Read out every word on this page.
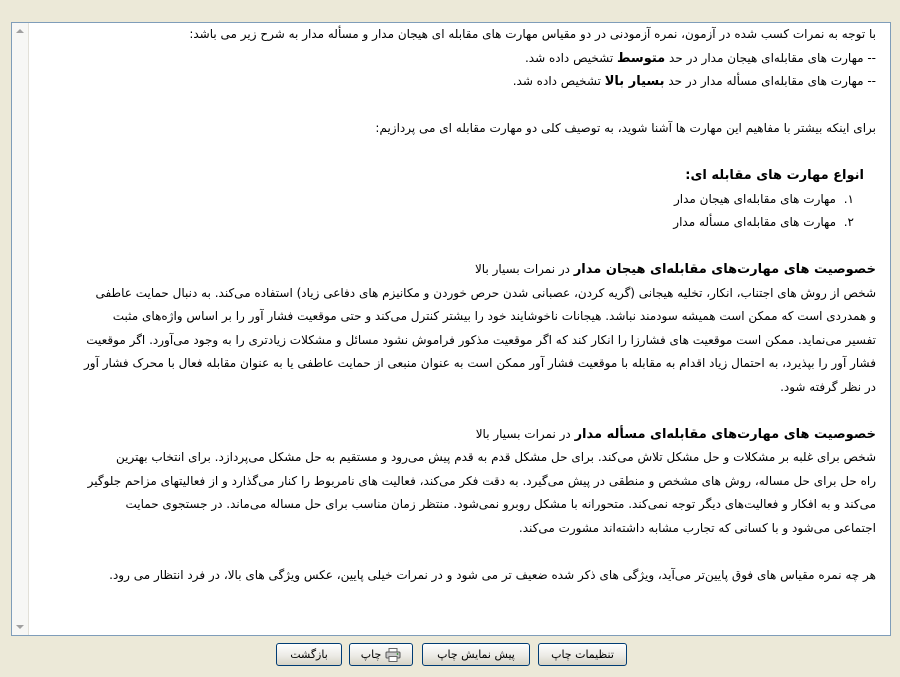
با توجه به نمرات کسب شده در آزمون، نمره آزمودنی در دو مقیاس مهارت های مقابله ای هیجان مدار و مسأله مدار به شرح زیر می باشد:
-- مهارت های مقابله‌ای هیجان مدار در حد متوسط تشخیص داده شد.
-- مهارت های مقابله‌ای مسأله مدار در حد بسیار بالا تشخیص داده شد.
برای اینکه بیشتر با مفاهیم این مهارت ها آشنا شوید، به توصیف کلی دو مهارت مقابله ای می پردازیم:
انواع مهارت های مقابله ای:
۱.مهارت های مقابله‌ای هیجان مدار
۲.مهارت های مقابله‌ای مسأله مدار
خصوصیت های مهارت‌های مقابله‌ای هیجان مدار در نمرات بسیار بالا
شخص از روش های اجتناب، انکار، تخلیه هیجانی (گریه کردن، عصبانی شدن حرص خوردن و مکانیزم های دفاعی زیاد) استفاده می‌کند. به دنبال حمایت عاطفی
و همدردی است که ممکن است همیشه سودمند نباشد. هیجانات ناخوشایند خود را بیشتر کنترل می‌کند و حتی موقعیت فشار آور را بر اساس واژه‌های مثبت
تفسیر می‌نماید. ممکن است موقعیت های فشارزا را انکار کند که اگر موقعیت مذکور فراموش نشود مسائل و مشکلات زیادتری را به وجود می‌آورد. اگر موقعیت
فشار آور را بپذیرد، به احتمال زیاد اقدام به مقابله با موقعیت فشار آور ممکن است به عنوان منبعی از حمایت عاطفی یا به عنوان مقابله فعال با محرک فشار آور
در نظر گرفته شود.
خصوصیت های مهارت‌های مقابله‌ای مسأله مدار در نمرات بسیار بالا
شخص برای غلبه بر مشکلات و حل مشکل تلاش می‌کند. برای حل مشکل قدم به قدم پیش می‌رود و مستقیم به حل مشکل می‌پردازد. برای انتخاب بهترین
راه حل برای حل مساله، روش های مشخص و منطقی در پیش می‌گیرد. به دقت فکر می‌کند، فعالیت های نامربوط را کنار می‌گذارد و از فعالیتهای مزاحم جلوگیر
می‌کند و به افکار و فعالیت‌های دیگر توجه نمی‌کند. متحورانه با مشکل روبرو نمی‌شود. منتظر زمان مناسب برای حل مساله می‌ماند. در جستجوی حمایت
اجتماعی می‌شود و با کسانی که تجارب مشابه داشته‌اند مشورت می‌کند.
هر چه نمره مقیاس های فوق پایین‌تر می‌آید، ویژگی های ذکر شده ضعیف تر می شود و در نمرات خیلی پایین، عکس ویژگی های بالا، در فرد انتظار می رود.
بازگشت	چاپ	پیش نمایش چاپ	تنظیمات چاپ
